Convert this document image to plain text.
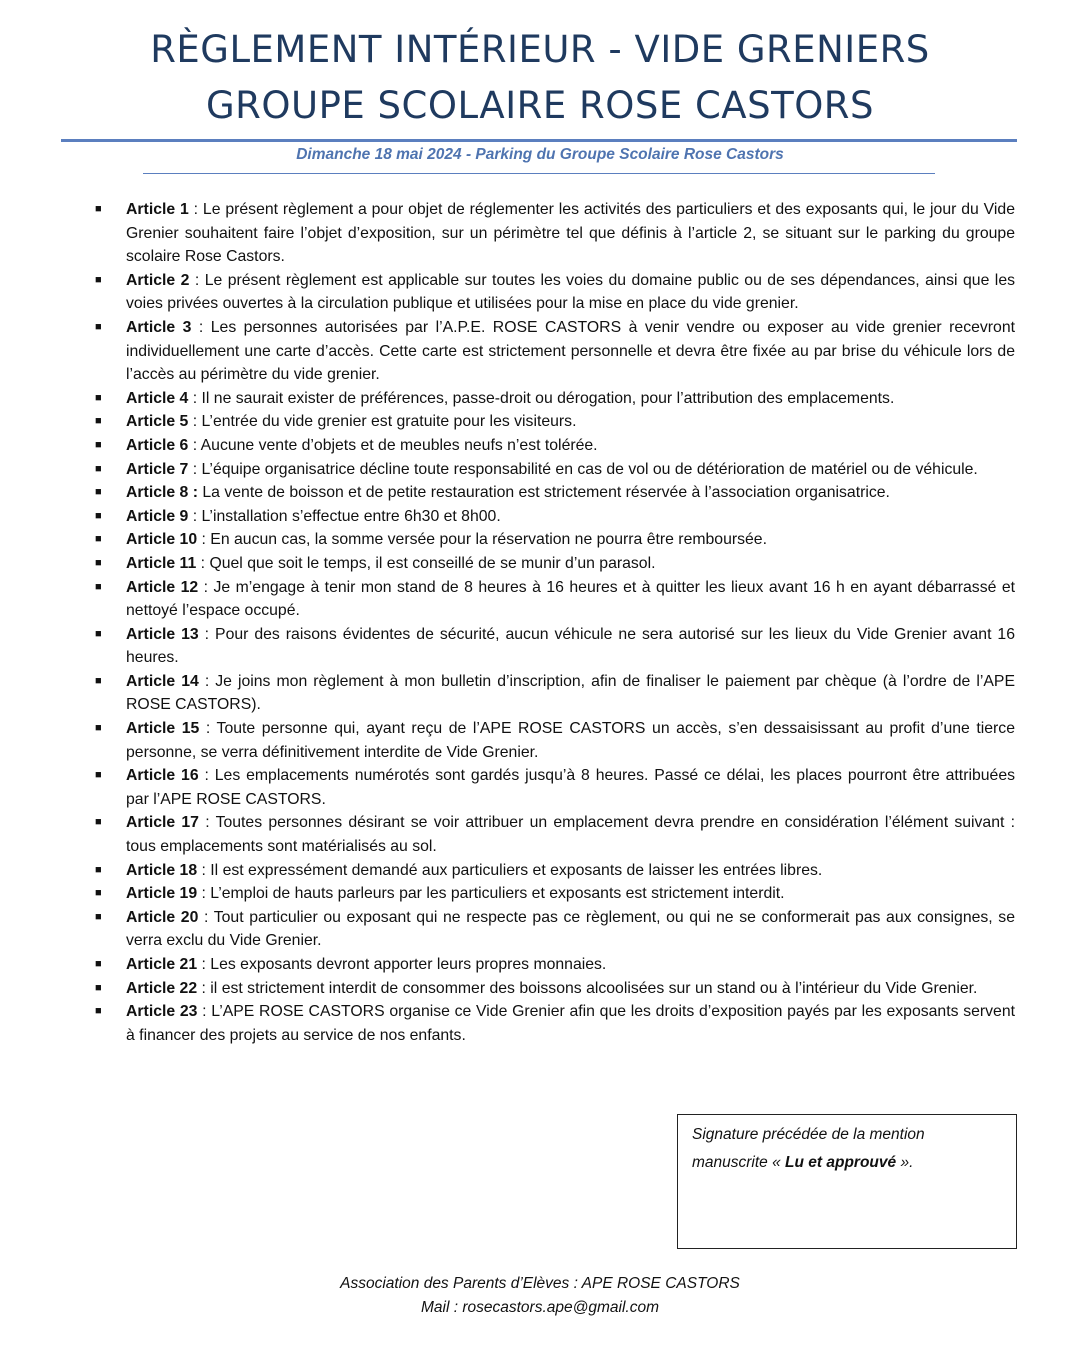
RÈGLEMENT INTÉRIEUR - VIDE GRENIERS
GROUPE SCOLAIRE ROSE CASTORS
Dimanche 18 mai 2024 - Parking du Groupe Scolaire Rose Castors
■ Article 1 : Le présent règlement a pour objet de réglementer les activités des particuliers et des exposants qui, le jour du Vide Grenier souhaitent faire l’objet d’exposition, sur un périmètre tel que définis à l’article 2, se situant sur le parking du groupe scolaire Rose Castors.
■ Article 2 : Le présent règlement est applicable sur toutes les voies du domaine public ou de ses dépendances, ainsi que les voies privées ouvertes à la circulation publique et utilisées pour la mise en place du vide grenier.
■ Article 3 : Les personnes autorisées par l’A.P.E. ROSE CASTORS à venir vendre ou exposer au vide grenier recevront individuellement une carte d’accès. Cette carte est strictement personnelle et devra être fixée au par brise du véhicule lors de l’accès au périmètre du vide grenier.
■ Article 4 : Il ne saurait exister de préférences, passe-droit ou dérogation, pour l’attribution des emplacements.
■ Article 5 : L’entrée du vide grenier est gratuite pour les visiteurs.
■ Article 6 : Aucune vente d’objets et de meubles neufs n’est tolérée.
■ Article 7 : L’équipe organisatrice décline toute responsabilité en cas de vol ou de détérioration de matériel ou de véhicule.
■ Article 8 : La vente de boisson et de petite restauration est strictement réservée à l’association organisatrice.
■ Article 9 : L’installation s’effectue entre 6h30 et 8h00.
■ Article 10 : En aucun cas, la somme versée pour la réservation ne pourra être remboursée.
■ Article 11 : Quel que soit le temps, il est conseillé de se munir d’un parasol.
■ Article 12 : Je m’engage à tenir mon stand de 8 heures à 16 heures et à quitter les lieux avant 16 h en ayant débarrassé et nettoyé l’espace occupé.
■ Article 13 : Pour des raisons évidentes de sécurité, aucun véhicule ne sera autorisé sur les lieux du Vide Grenier avant 16 heures.
■ Article 14 : Je joins mon règlement à mon bulletin d’inscription, afin de finaliser le paiement par chèque (à l’ordre de l’APE ROSE CASTORS).
■ Article 15 : Toute personne qui, ayant reçu de l’APE ROSE CASTORS un accès, s’en dessaisissant au profit d’une tierce personne, se verra définitivement interdite de Vide Grenier.
■ Article 16 : Les emplacements numérotés sont gardés jusqu’à 8 heures. Passé ce délai, les places pourront être attribuées par l’APE ROSE CASTORS.
■ Article 17 : Toutes personnes désirant se voir attribuer un emplacement devra prendre en considération l’élément suivant : tous emplacements sont matérialisés au sol.
■ Article 18 : Il est expressément demandé aux particuliers et exposants de laisser les entrées libres.
■ Article 19 : L’emploi de hauts parleurs par les particuliers et exposants est strictement interdit.
■ Article 20 : Tout particulier ou exposant qui ne respecte pas ce règlement, ou qui ne se conformerait pas aux consignes, se verra exclu du Vide Grenier.
■ Article 21 : Les exposants devront apporter leurs propres monnaies.
■ Article 22 : il est strictement interdit de consommer des boissons alcoolisées sur un stand ou à l’intérieur du Vide Grenier.
■ Article 23 : L’APE ROSE CASTORS organise ce Vide Grenier afin que les droits d’exposition payés par les exposants servent à financer des projets au service de nos enfants.
Signature précédée de la mention
manuscrite « Lu et approuvé ».
Association des Parents d’Elèves : APE ROSE CASTORS
Mail : rosecastors.ape@gmail.com
